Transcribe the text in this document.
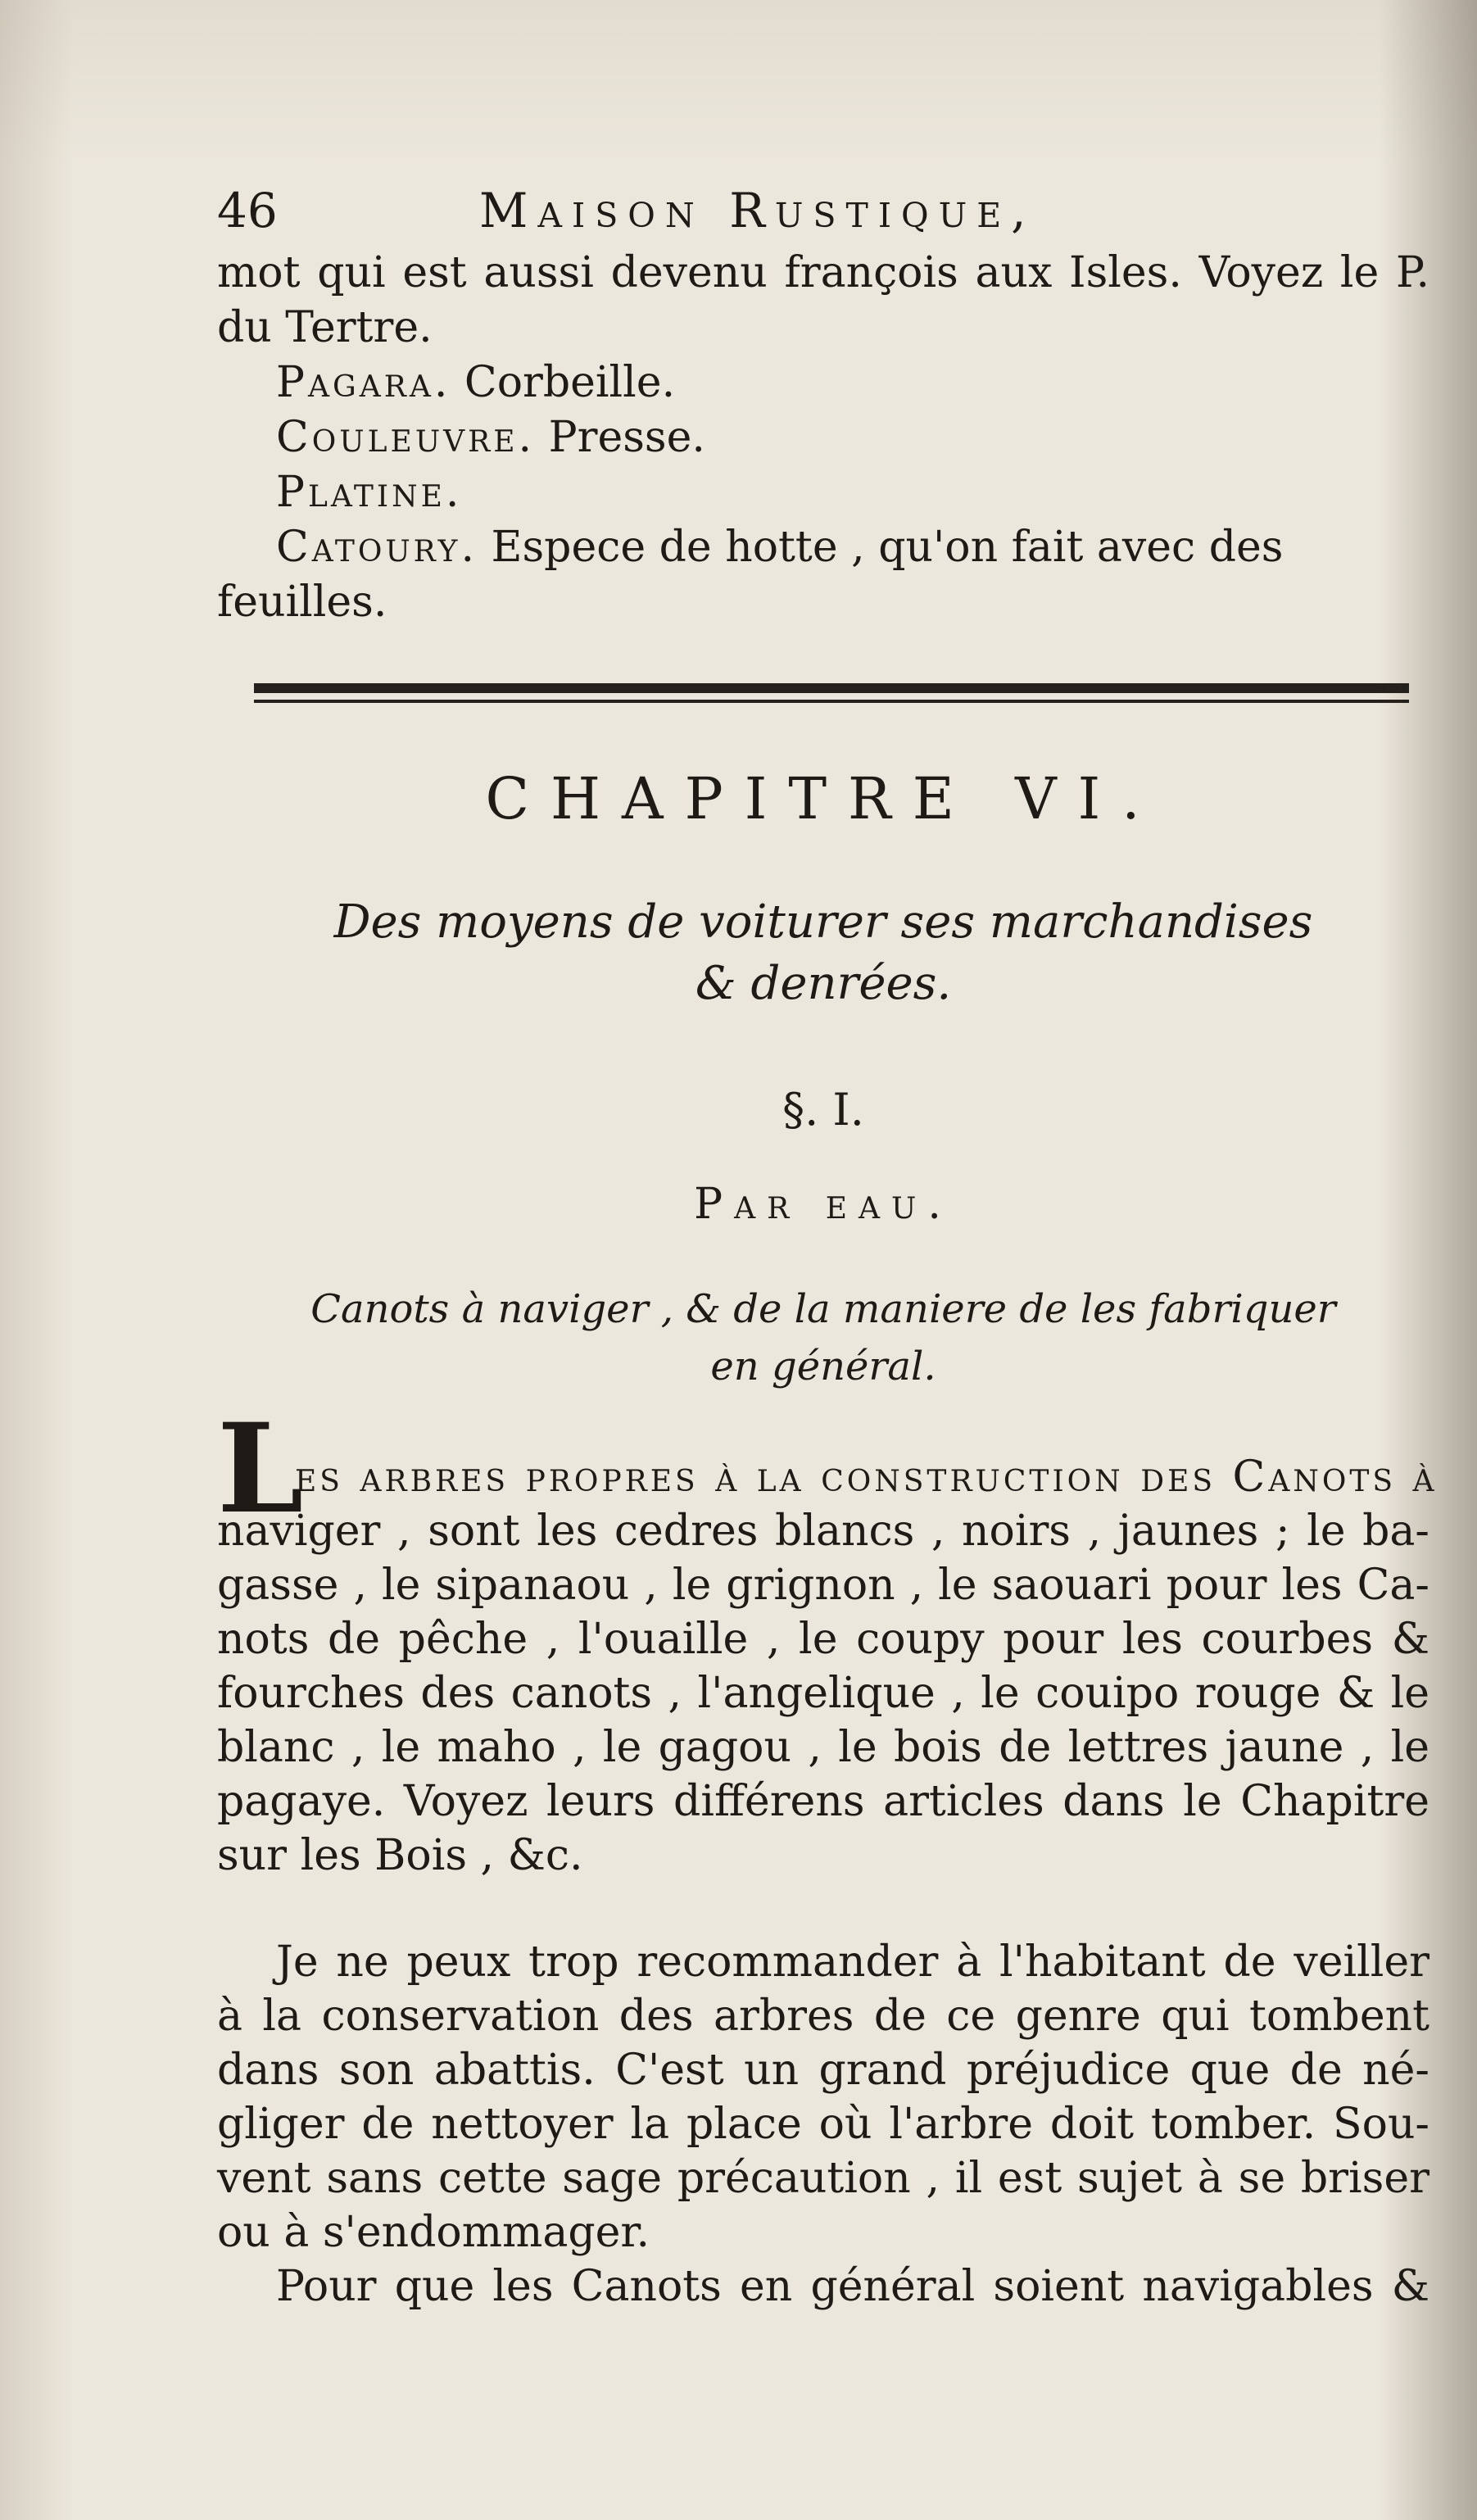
46	Maison Rustique,
mot qui est aussi devenu françois aux Isles. Voyez le P.
du Tertre.
Pagara. Corbeille.
Couleuvre. Presse.
Platine.
Catoury. Espece de hotte , qu'on fait avec des
feuilles.
CHAPITRE VI.
Des moyens de voiturer ses marchandises
& denrées.
§. I.
Par eau.
Canots à naviger , & de la maniere de les fabriquer
en général.
L
es arbres propres à la construction des Canots à
naviger , sont les cedres blancs , noirs , jaunes ; le ba-
gasse , le sipanaou , le grignon , le saouari pour les Ca-
nots de pêche , l'ouaille , le coupy pour les courbes &
fourches des canots , l'angelique , le couipo rouge & le
blanc , le maho , le gagou , le bois de lettres jaune , le
pagaye. Voyez leurs différens articles dans le Chapitre
sur les Bois , &c.
Je ne peux trop recommander à l'habitant de veiller
à la conservation des arbres de ce genre qui tombent
dans son abattis. C'est un grand préjudice que de né-
gliger de nettoyer la place où l'arbre doit tomber. Sou-
vent sans cette sage précaution , il est sujet à se briser
ou à s'endommager.
Pour que les Canots en général soient navigables &
